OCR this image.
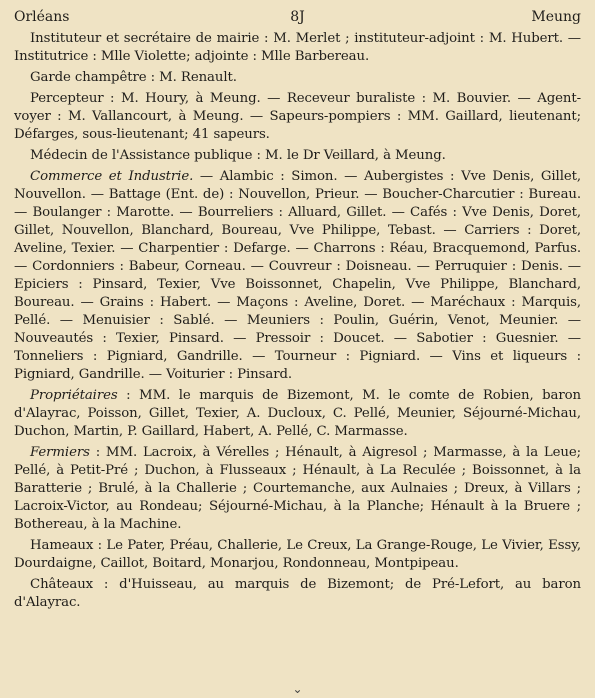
Orléans	8J	Meung

Instituteur et secrétaire de mairie : M. Merlet ; instituteur-adjoint : M. Hubert. — Institutrice : Mlle Violette; adjointe : Mlle Barbereau.

Garde champêtre : M. Renault.

Percepteur : M. Houry, à Meung. — Receveur buraliste : M. Bouvier. — Agent-voyer : M. Vallancourt, à Meung. — Sapeurs-pompiers : MM. Gaillard, lieutenant; Défarges, sous-lieutenant; 41 sapeurs.

Médecin de l'Assistance publique : M. le Dr Veillard, à Meung.

Commerce et Industrie. — Alambic : Simon. — Aubergistes : Vve Denis, Gillet, Nouvellon. — Battage (Ent. de) : Nouvellon, Prieur. — Boucher-Charcutier : Bureau. — Boulanger : Marotte. — Bourreliers : Alluard, Gillet. — Cafés : Vve Denis, Doret, Gillet, Nouvellon, Blanchard, Boureau, Vve Philippe, Tebast. — Carriers : Doret, Aveline, Texier. — Charpentier : Defarge. — Charrons : Réau, Bracquemond, Parfus. — Cordonniers : Babeur, Corneau. — Couvreur : Doisneau. — Perruquier : Denis. — Epiciers : Pinsard, Texier, Vve Boissonnet, Chapelin, Vve Philippe, Blanchard, Boureau. — Grains : Habert. — Maçons : Aveline, Doret. — Maréchaux : Marquis, Pellé. — Menuisier : Sablé. — Meuniers : Poulin, Guérin, Venot, Meunier. — Nouveautés : Texier, Pinsard. — Pressoir : Doucet. — Sabotier : Guesnier. — Tonneliers : Pigniard, Gandrille. — Tourneur : Pigniard. — Vins et liqueurs : Pigniard, Gandrille. — Voiturier : Pinsard.

Propriétaires : MM. le marquis de Bizemont, M. le comte de Robien, baron d'Alayrac, Poisson, Gillet, Texier, A. Ducloux, C. Pellé, Meunier, Séjourné-Michau, Duchon, Martin, P. Gaillard, Habert, A. Pellé, C. Marmasse.

Fermiers : MM. Lacroix, à Vérelles ; Hénault, à Aigresol ; Marmasse, à la Leue; Pellé, à Petit-Pré ; Duchon, à Flusseaux ; Hénault, à La Reculée ; Boissonnet, à la Baratterie ; Brulé, à la Challerie ; Courtemanche, aux Aulnaies ; Dreux, à Villars ; Lacroix-Victor, au Rondeau; Séjourné-Michau, à la Planche; Hénault à la Bruere ; Bothereau, à la Machine.

Hameaux : Le Pater, Préau, Challerie, Le Creux, La Grange-Rouge, Le Vivier, Essy, Dourdaigne, Caillot, Boitard, Monarjou, Rondonneau, Montpipeau.

Châteaux : d'Huisseau, au marquis de Bizemont; de Pré-Lefort, au baron d'Alayrac.

⌄
